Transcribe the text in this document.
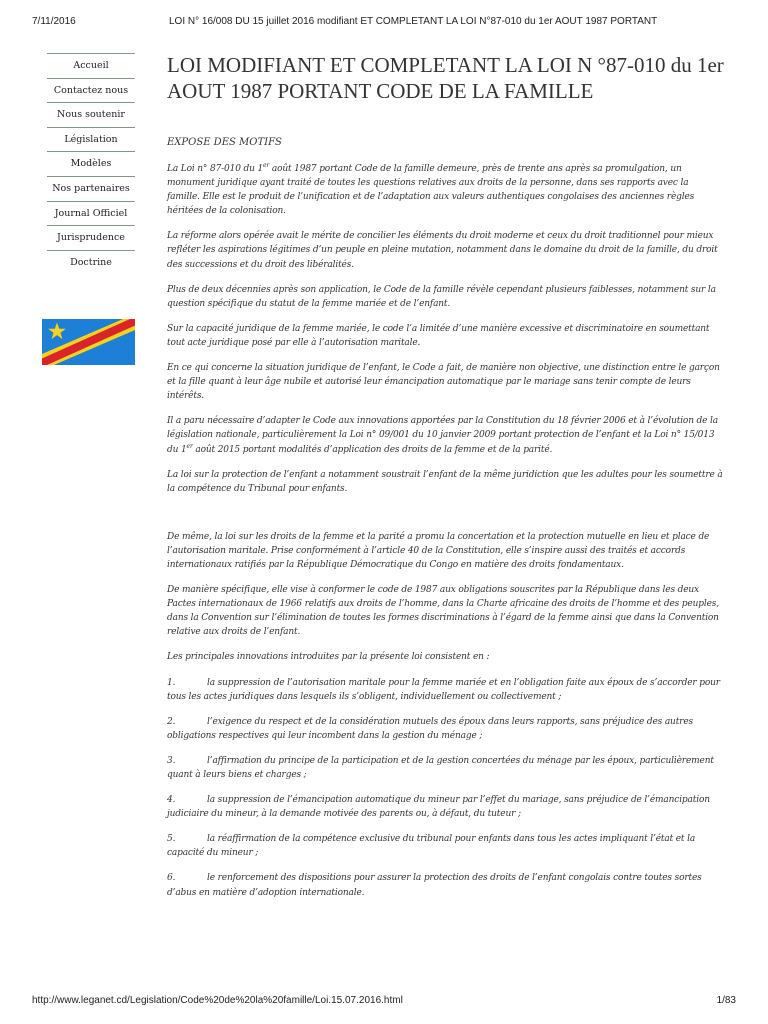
7/11/2016	LOI N° 16/008 DU 15 juillet 2016 modifiant ET COMPLETANT LA LOI N°87-010 du 1er AOUT 1987 PORTANT
Accueil
Contactez nous
Nous soutenir
Législation
Modèles
Nos partenaires
Journal Officiel
Jurisprudence
Doctrine
LOI MODIFIANT ET COMPLETANT LA LOI N °87-010 du 1er AOUT 1987 PORTANT CODE DE LA FAMILLE
EXPOSE DES MOTIFS

La Loi n° 87-010 du 1er août 1987 portant Code de la famille demeure, près de trente ans après sa promulgation, un monument juridique ayant traité de toutes les questions relatives aux droits de la personne, dans ses rapports avec la famille. Elle est le produit de l’unification et de l’adaptation aux valeurs authentiques congolaises des anciennes règles héritées de la colonisation.

La réforme alors opérée avait le mérite de concilier les éléments du droit moderne et ceux du droit traditionnel pour mieux refléter les aspirations légitimes d’un peuple en pleine mutation, notamment dans le domaine du droit de la famille, du droit des successions et du droit des libéralités.

Plus de deux décennies après son application, le Code de la famille révèle cependant plusieurs faiblesses, notamment sur la question spécifique du statut de la femme mariée et de l’enfant.

Sur la capacité juridique de la femme mariée, le code l’a limitée d’une manière excessive et discriminatoire en soumettant tout acte juridique posé par elle à l’autorisation maritale.

En ce qui concerne la situation juridique de l’enfant, le Code a fait, de manière non objective, une distinction entre le garçon et la fille quant à leur âge nubile et autorisé leur émancipation automatique par le mariage sans tenir compte de leurs intérêts.

Il a paru nécessaire d’adapter le Code aux innovations apportées par la Constitution du 18 février 2006 et à l’évolution de la législation nationale, particulièrement la Loi n° 09/001 du 10 janvier 2009 portant protection de l’enfant et la Loi n° 15/013 du 1er août 2015 portant modalités d’application des droits de la femme et de la parité.

La loi sur la protection de l’enfant a notamment soustrait l’enfant de la même juridiction que les adultes pour les soumettre à la compétence du Tribunal pour enfants.

De même, la loi sur les droits de la femme et la parité a promu la concertation et la protection mutuelle en lieu et place de l’autorisation maritale. Prise conformément à l’article 40 de la Constitution, elle s’inspire aussi des traités et accords internationaux ratifiés par la République Démocratique du Congo en matière des droits fondamentaux.

De manière spécifique, elle vise à conformer le code de 1987 aux obligations souscrites par la République dans les deux Pactes internationaux de 1966 relatifs aux droits de l’homme, dans la Charte africaine des droits de l’homme et des peuples, dans la Convention sur l’élimination de toutes les formes discriminations à l’égard de la femme ainsi que dans la Convention relative aux droits de l’enfant.

Les principales innovations introduites par la présente loi consistent en :

1.	la suppression de l’autorisation maritale pour la femme mariée et en l’obligation faite aux époux de s’accorder pour tous les actes juridiques dans lesquels ils s’obligent, individuellement ou collectivement ;

2.	l’exigence du respect et de la considération mutuels des époux dans leurs rapports, sans préjudice des autres obligations respectives qui leur incombent dans la gestion du ménage ;

3.	l’affirmation du principe de la participation et de la gestion concertées du ménage par les époux, particulièrement quant à leurs biens et charges ;

4.	la suppression de l’émancipation automatique du mineur par l’effet du mariage, sans préjudice de l’émancipation judiciaire du mineur, à la demande motivée des parents ou, à défaut, du tuteur ;

5.	la réaffirmation de la compétence exclusive du tribunal pour enfants dans tous les actes impliquant l’état et la capacité du mineur ;

6.	le renforcement des dispositions pour assurer la protection des droits de l’enfant congolais contre toutes sortes d’abus en matière d’adoption internationale.

http://www.leganet.cd/Legislation/Code%20de%20la%20famille/Loi.15.07.2016.html	1/83
